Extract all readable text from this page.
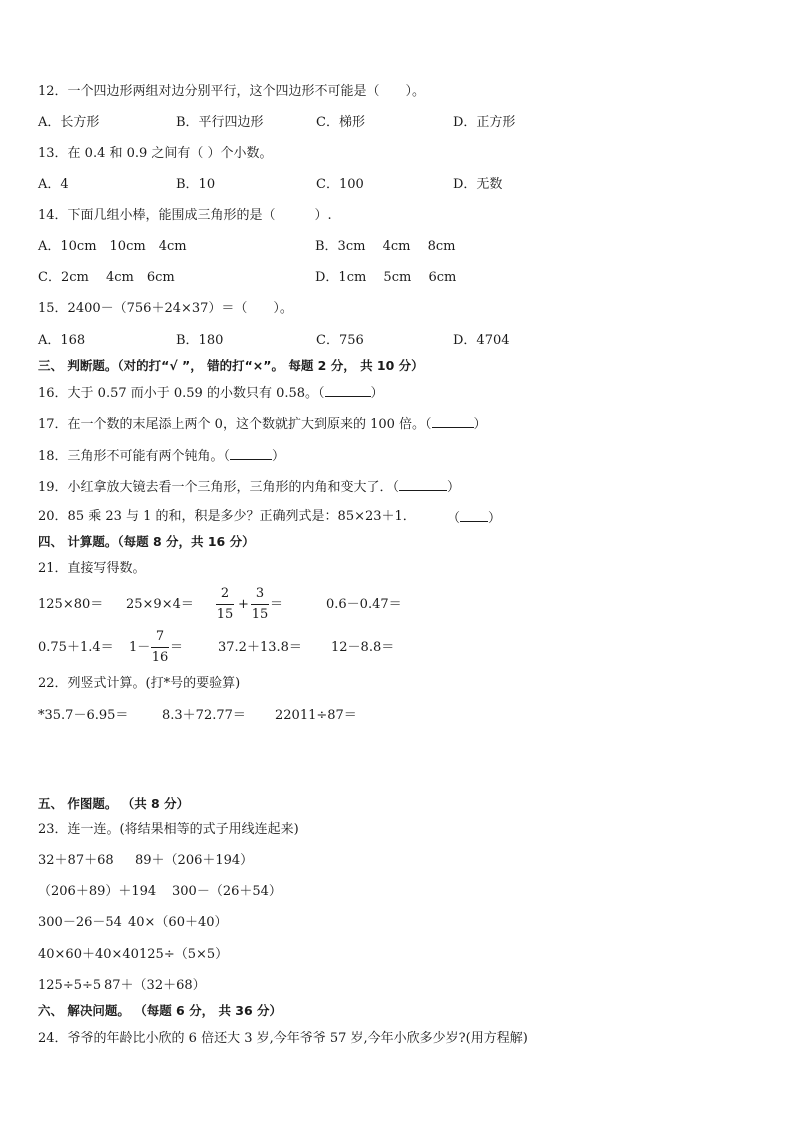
12．一个四边形两组对边分别平行，这个四边形不可能是（　　）。
A．长方形	B．平行四边形	C．梯形	D．正方形
13．在 0.4 和 0.9 之间有（ ）个小数。
A．4	B．10	C．100	D．无数
14．下面几组小棒，能围成三角形的是（　　　）.
A．10cm　10cm　4cm	B．3cm　 4cm　 8cm
C．2cm　 4cm　6cm	D．1cm　 5cm　 6cm
15．2400－（756＋24×37）＝（　　）。
A．168	B．180	C．756	D．4704
三、 判断题。（对的打“√ ”， 错的打“×”。 每题 2 分， 共 10 分）
16．大于 0.57 而小于 0.59 的小数只有 0.58。（	）
17．在一个数的末尾添上两个 0，这个数就扩大到原来的 100 倍。（	）
18．三角形不可能有两个钝角。（	）
19．小红拿放大镜去看一个三角形，三角形的内角和变大了．（	）
20．85 乘 23 与 1 的和，积是多少？正确列式是：85×23＋1． （ ）
四、 计算题。（每题 8 分，共 16 分）
21．直接写得数。
125×80＝ 25×9×4＝
2
15
+
3
15
＝	0.6－0.47＝
0.75＋1.4＝ 1－
7
16
＝	37.2＋13.8＝ 12－8.8＝
22．列竖式计算。(打*号的要验算)
*35.7－6.95＝	8.3＋72.77＝ 22011÷87＝
五、 作图题。 （共 8 分）
23．连一连。(将结果相等的式子用线连起来)
32＋87＋68 89＋（206＋194）
（206＋89）＋194 300－（26＋54）
300－26－54 40×（60＋40）
40×60＋40×40 125÷（5×5）
125÷5÷5 87＋（32＋68）
六、 解决问题。 （每题 6 分， 共 36 分）
24．爷爷的年龄比小欣的 6 倍还大 3 岁,今年爷爷 57 岁,今年小欣多少岁?(用方程解)
